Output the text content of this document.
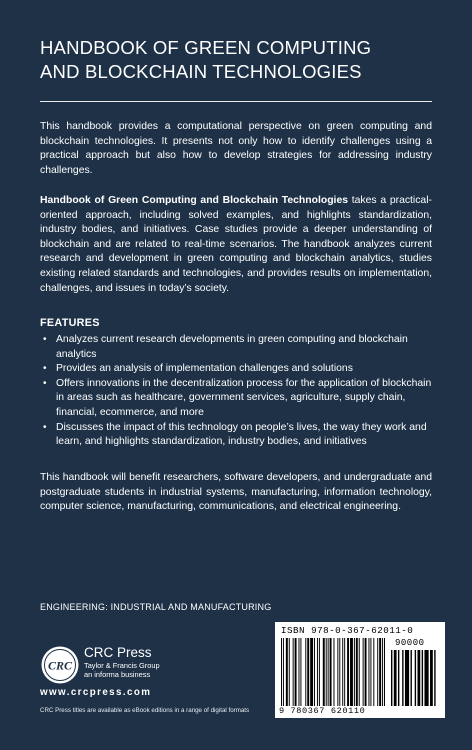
HANDBOOK OF GREEN COMPUTING
AND BLOCKCHAIN TECHNOLOGIES

This handbook provides a computational perspective on green computing and blockchain technologies. It presents not only how to identify challenges using a practical approach but also how to develop strategies for addressing industry challenges.

Handbook of Green Computing and Blockchain Technologies takes a practical-oriented approach, including solved examples, and highlights standardization, industry bodies, and initiatives. Case studies provide a deeper understanding of blockchain and are related to real-time scenarios. The handbook analyzes current research and development in green computing and blockchain analytics, studies existing related standards and technologies, and provides results on implementation, challenges, and issues in today’s society.

FEATURES
• Analyzes current research developments in green computing and blockchain analytics
• Provides an analysis of implementation challenges and solutions
• Offers innovations in the decentralization process for the application of blockchain in areas such as healthcare, government services, agriculture, supply chain, financial, ecommerce, and more
• Discusses the impact of this technology on people’s lives, the way they work and learn, and highlights standardization, industry bodies, and initiatives

This handbook will benefit researchers, software developers, and undergraduate and postgraduate students in industrial systems, manufacturing, information technology, computer science, manufacturing, communications, and electrical engineering.

ENGINEERING: INDUSTRIAL AND MANUFACTURING

CRC
CRC Press
Taylor & Francis Group
an informa business
www.crcpress.com
CRC Press titles are available as eBook editions in a range of digital formats
ISBN 978-0-367-62011-0
90000
9 780367 620110
